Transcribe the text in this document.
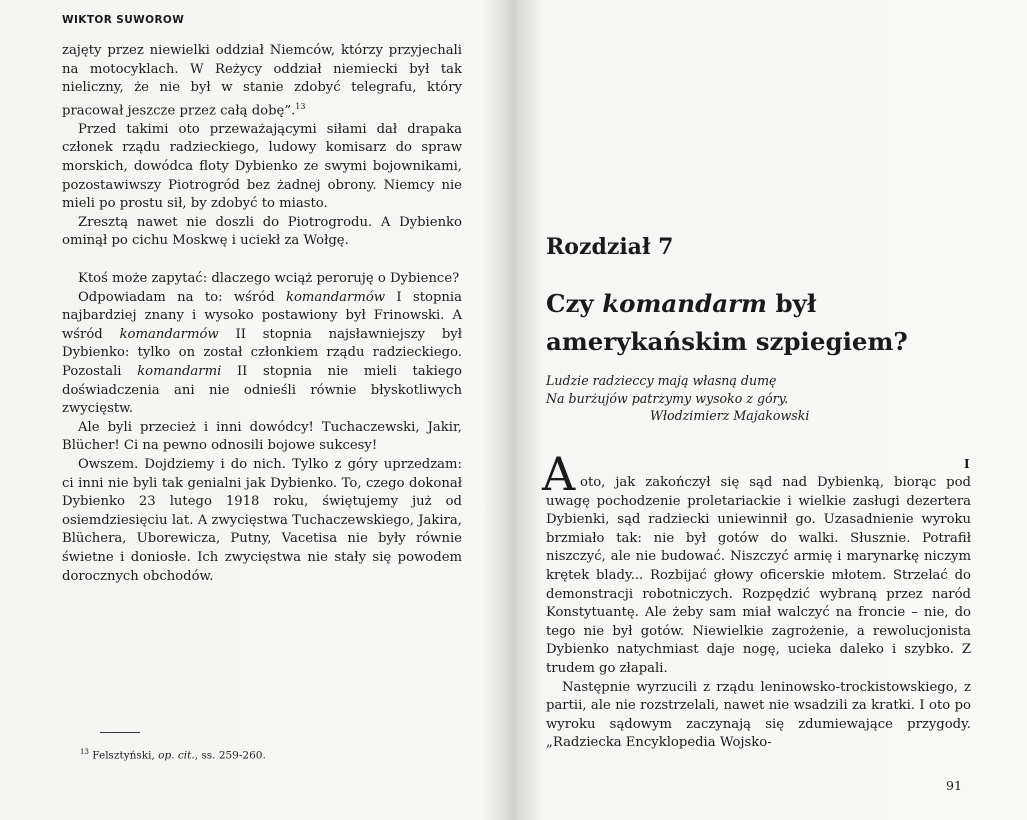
WIKTOR SUWOROW

zajęty przez niewielki oddział Niemców, którzy przyjechali na motocyklach. W Reżycy oddział niemiecki był tak nieliczny, że nie był w stanie zdobyć telegrafu, który pracował jeszcze przez całą dobę”.$^{13}$

Przed takimi oto przeważającymi siłami dał drapaka członek rządu radzieckiego, ludowy komisarz do spraw morskich, dowódca floty Dybienko ze swymi bojownikami, pozostawiwszy Piotrogród bez żadnej obrony. Niemcy nie mieli po prostu sił, by zdobyć to miasto.

Zresztą nawet nie doszli do Piotrogrodu. A Dybienko ominął po cichu Moskwę i uciekł za Wołgę.

Ktoś może zapytać: dlaczego wciąż peroruję o Dybience?

Odpowiadam na to: wśród komandarmów I stopnia najbardziej znany i wysoko postawiony był Frinowski. A wśród komandarmów II stopnia najsławniejszy był Dybienko: tylko on został członkiem rządu radzieckiego. Pozostali komandarmi II stopnia nie mieli takiego doświadczenia ani nie odnieśli równie błyskotliwych zwycięstw.

Ale byli przecież i inni dowódcy! Tuchaczewski, Jakir, Blücher! Ci na pewno odnosili bojowe sukcesy!

Owszem. Dojdziemy i do nich. Tylko z góry uprzedzam: ci inni nie byli tak genialni jak Dybienko. To, czego dokonał Dybienko 23 lutego 1918 roku, świętujemy już od osiemdziesięciu lat. A zwycięstwa Tuchaczewskiego, Jakira, Blüchera, Uborewicza, Putny, Vacetisa nie były równie świetne i doniosłe. Ich zwycięstwa nie stały się powodem dorocznych obchodów.

$^{13}$ Felsztyński, op. cit., ss. 259-260.
Rozdział 7
Czy komandarm był
amerykańskim szpiegiem?
Ludzie radzieccy mają własną dumę
Na burżujów patrzymy wysoko z góry.
Włodzimierz Majakowski
I
A oto, jak zakończył się sąd nad Dybienką, biorąc pod uwagę pochodzenie proletariackie i wielkie zasługi dezertera Dybienki, sąd radziecki uniewinnił go. Uzasadnienie wyroku brzmiało tak: nie był gotów do walki. Słusznie. Potrafił niszczyć, ale nie budować. Niszczyć armię i marynarkę niczym krętek blady... Rozbijać głowy oficerskie młotem. Strzelać do demonstracji robotniczych. Rozpędzić wybraną przez naród Konstytuantę. Ale żeby sam miał walczyć na froncie – nie, do tego nie był gotów. Niewielkie zagrożenie, a rewolucjonista Dybienko natychmiast daje nogę, ucieka daleko i szybko. Z trudem go złapali.

Następnie wyrzucili z rządu leninowsko-trockistowskiego, z partii, ale nie rozstrzelali, nawet nie wsadzili za kratki. I oto po wyroku sądowym zaczynają się zdumiewające przygody. „Radziecka Encyklopedia Wojsko-

91
